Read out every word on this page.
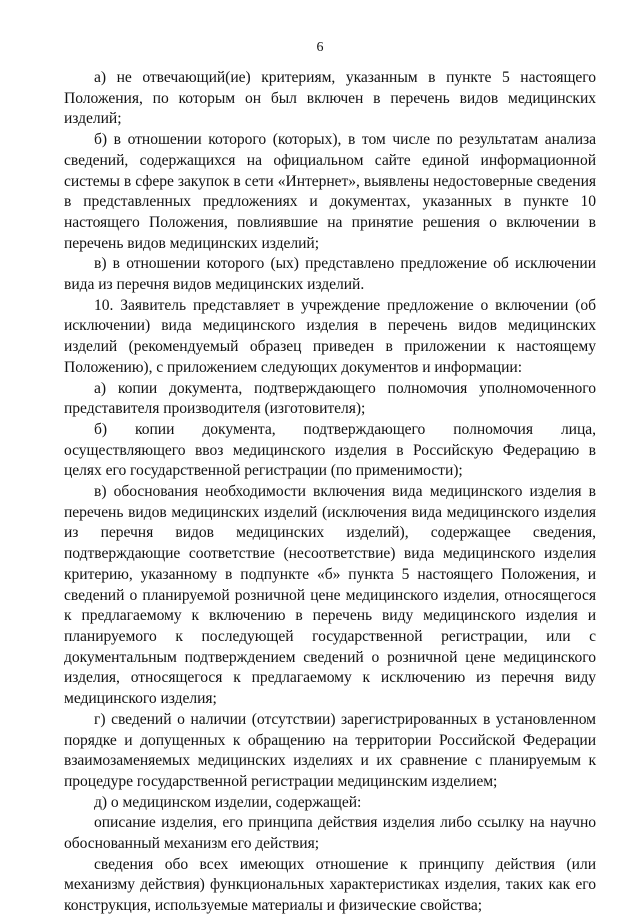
6

а) не отвечающий(ие) критериям, указанным в пункте 5 настоящего Положения, по которым он был включен в перечень видов медицинских изделий;

б) в отношении которого (которых), в том числе по результатам анализа сведений, содержащихся на официальном сайте единой информационной системы в сфере закупок в сети «Интернет», выявлены недостоверные сведения в представленных предложениях и документах, указанных в пункте 10 настоящего Положения, повлиявшие на принятие решения о включении в перечень видов медицинских изделий;

в) в отношении которого (ых) представлено предложение об исключении вида из перечня видов медицинских изделий.

10. Заявитель представляет в учреждение предложение о включении (об исключении) вида медицинского изделия в перечень видов медицинских изделий (рекомендуемый образец приведен в приложении к настоящему Положению), с приложением следующих документов и информации:

а) копии документа, подтверждающего полномочия уполномоченного представителя производителя (изготовителя);

б) копии документа, подтверждающего полномочия лица, осуществляющего ввоз медицинского изделия в Российскую Федерацию в целях его государственной регистрации (по применимости);

в) обоснования необходимости включения вида медицинского изделия в перечень видов медицинских изделий (исключения вида медицинского изделия из перечня видов медицинских изделий), содержащее сведения, подтверждающие соответствие (несоответствие) вида медицинского изделия критерию, указанному в подпункте «б» пункта 5 настоящего Положения, и сведений о планируемой розничной цене медицинского изделия, относящегося к предлагаемому к включению в перечень виду медицинского изделия и планируемого к последующей государственной регистрации, или с документальным подтверждением сведений о розничной цене медицинского изделия, относящегося к предлагаемому к исключению из перечня виду медицинского изделия;

г) сведений о наличии (отсутствии) зарегистрированных в установленном порядке и допущенных к обращению на территории Российской Федерации взаимозаменяемых медицинских изделиях и их сравнение с планируемым к процедуре государственной регистрации медицинским изделием;

д) о медицинском изделии, содержащей:

описание изделия, его принципа действия изделия либо ссылку на научно обоснованный механизм его действия;

сведения обо всех имеющих отношение к принципу действия (или механизму действия) функциональных характеристиках изделия, таких как его конструкция, используемые материалы и физические свойства;
